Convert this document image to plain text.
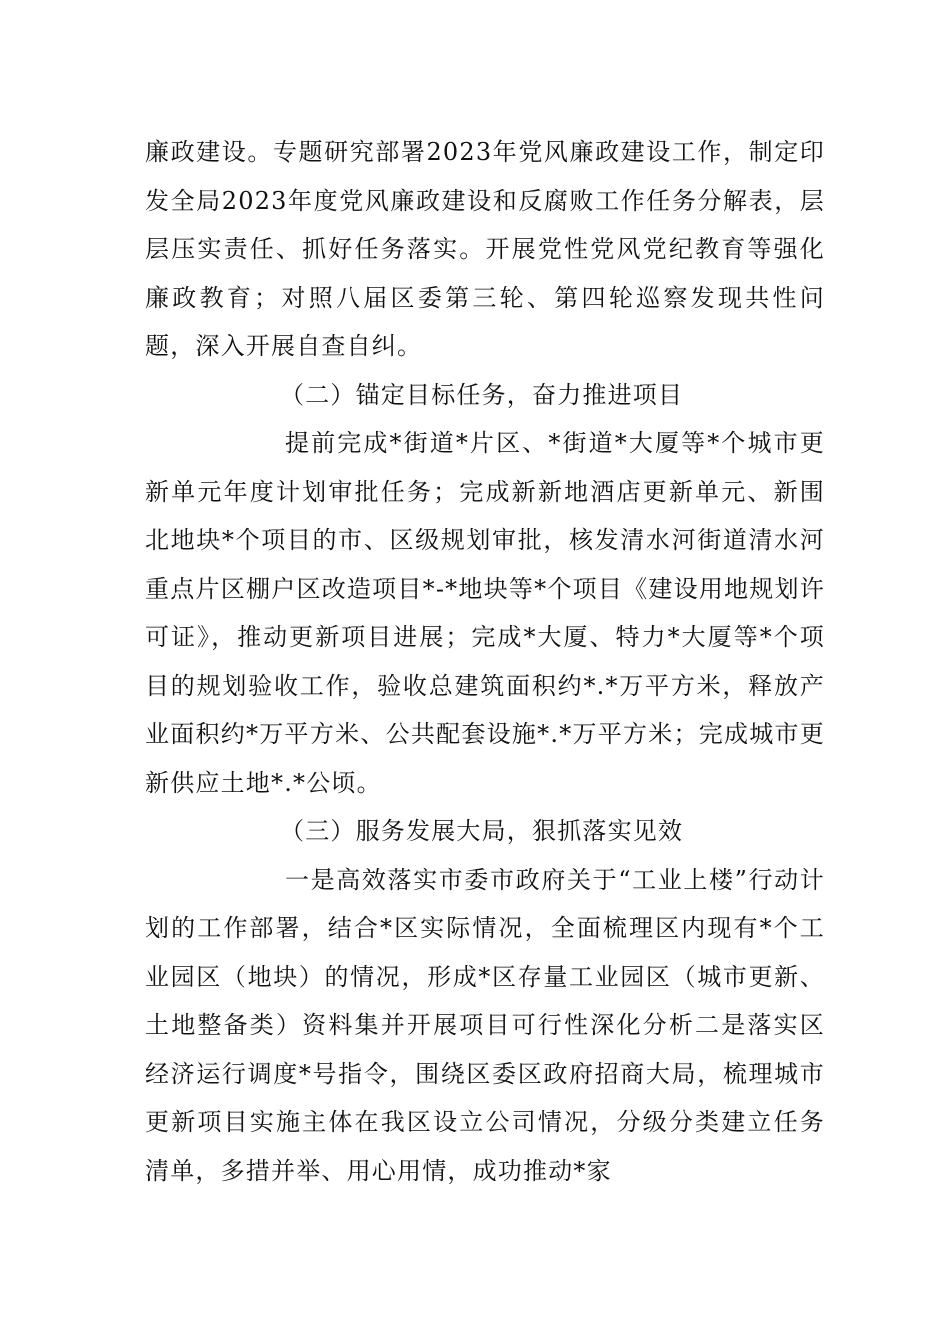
廉政建设。专题研究部署2023年党风廉政建设工作，制定印发全局2023年度党风廉政建设和反腐败工作任务分解表，层层压实责任、抓好任务落实。开展党性党风党纪教育等强化廉政教育；对照八届区委第三轮、第四轮巡察发现共性问题，深入开展自查自纠。

（二）锚定目标任务，奋力推进项目

提前完成*街道*片区、*街道*大厦等*个城市更新单元年度计划审批任务；完成新新地酒店更新单元、新围北地块*个项目的市、区级规划审批，核发清水河街道清水河重点片区棚户区改造项目*-*地块等*个项目《建设用地规划许可证》，推动更新项目进展；完成*大厦、特力*大厦等*个项目的规划验收工作，验收总建筑面积约*.*万平方米，释放产业面积约*万平方米、公共配套设施*.*万平方米；完成城市更新供应土地*.*公顷。

（三）服务发展大局，狠抓落实见效

一是高效落实市委市政府关于“工业上楼”行动计划的工作部署，结合*区实际情况，全面梳理区内现有*个工业园区（地块）的情况，形成*区存量工业园区（城市更新、土地整备类）资料集并开展项目可行性深化分析二是落实区经济运行调度*号指令，围绕区委区政府招商大局，梳理城市更新项目实施主体在我区设立公司情况，分级分类建立任务清单，多措并举、用心用情，成功推动*家
